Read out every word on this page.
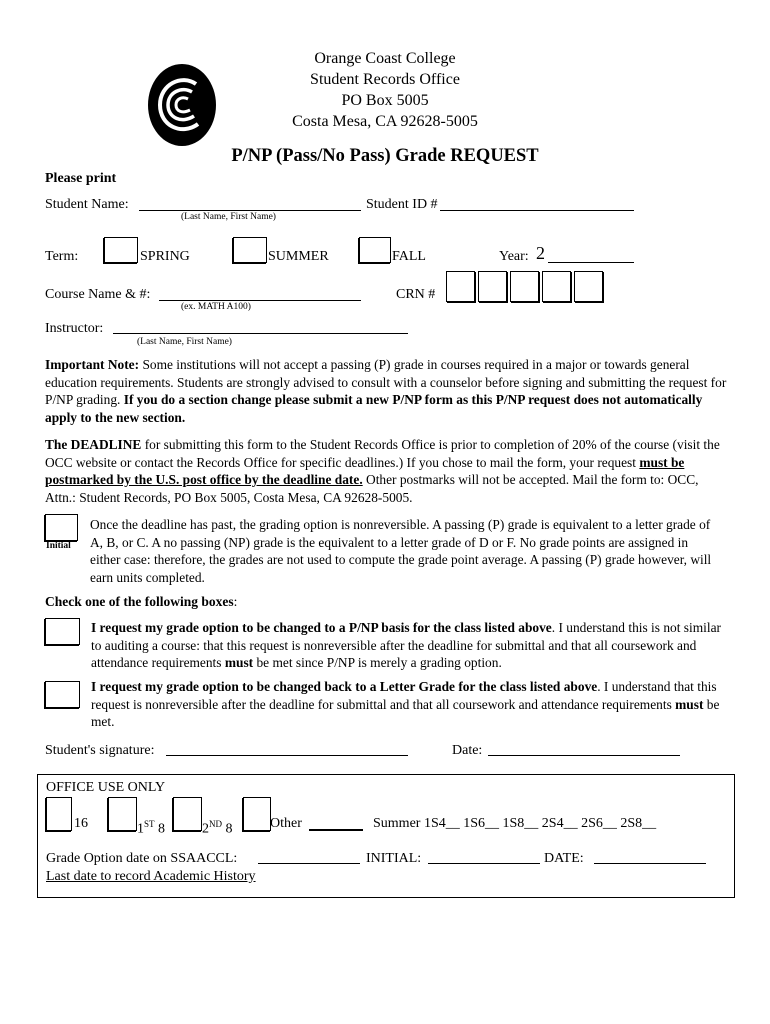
Orange Coast College
Student Records Office
PO Box 5005
Costa Mesa, CA 92628-5005
P/NP (Pass/No Pass) Grade REQUEST
Please print
Student Name:
(Last Name, First Name)
Student ID #
Term:	SPRING	SUMMER	FALL	Year: 2
Course Name & #:
(ex. MATH A100)
CRN #
Instructor:
(Last Name, First Name)
Important Note: Some institutions will not accept a passing (P) grade in courses required in a major or towards general education requirements. Students are strongly advised to consult with a counselor before signing and submitting the request for P/NP grading. If you do a section change please submit a new P/NP form as this P/NP request does not automatically apply to the new section.
The DEADLINE for submitting this form to the Student Records Office is prior to completion of 20% of the course (visit the OCC website or contact the Records Office for specific deadlines.) If you chose to mail the form, your request must be postmarked by the U.S. post office by the deadline date. Other postmarks will not be accepted. Mail the form to: OCC, Attn.: Student Records, PO Box 5005, Costa Mesa, CA 92628-5005.
Initial
Once the deadline has past, the grading option is nonreversible. A passing (P) grade is equivalent to a letter grade of A, B, or C. A no passing (NP) grade is the equivalent to a letter grade of D or F. No grade points are assigned in either case: therefore, the grades are not used to compute the grade point average. A passing (P) grade however, will earn units completed.
Check one of the following boxes:
I request my grade option to be changed to a P/NP basis for the class listed above. I understand this is not similar to auditing a course: that this request is nonreversible after the deadline for submittal and that all coursework and attendance requirements must be met since P/NP is merely a grading option.
I request my grade option to be changed back to a Letter Grade for the class listed above. I understand that this request is nonreversible after the deadline for submittal and that all coursework and attendance requirements must be met.
Student's signature:	Date:
OFFICE USE ONLY
16	1ST 8	2ND 8	Other	Summer 1S4__ 1S6__ 1S8__ 2S4__ 2S6__ 2S8__
Grade Option date on SSAACCL:	INITIAL:	DATE:
Last date to record Academic History
